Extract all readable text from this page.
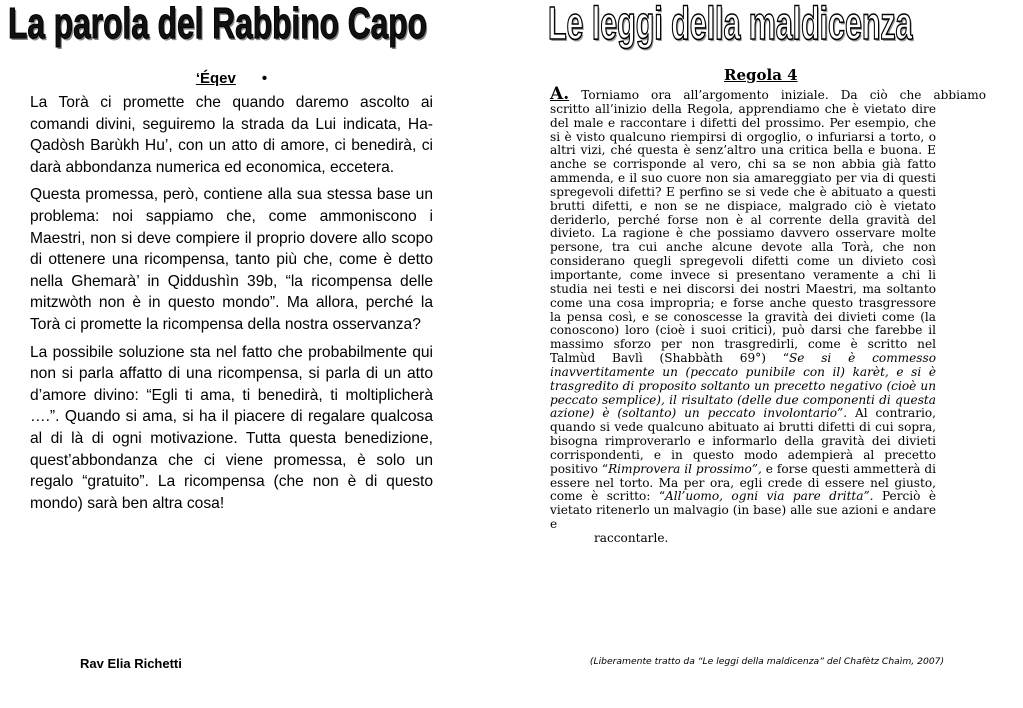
La parola del Rabbino Capo	Le leggi della maldicenza
‘Éqev •

La Torà ci promette che quando daremo ascolto ai comandi divini, seguiremo la strada da Lui indicata, Ha-Qadòsh Barùkh Hu’, con un atto di amore, ci benedirà, ci darà abbondanza numerica ed economica, eccetera.

Questa promessa, però, contiene alla sua stessa base un problema: noi sappiamo che, come ammoniscono i Maestri, non si deve compiere il proprio dovere allo scopo di ottenere una ricompensa, tanto più che, come è detto nella Ghemarà’ in Qiddushìn 39b, “la ricompensa delle mitzwòth non è in questo mondo”. Ma allora, perché la Torà ci promette la ricompensa della nostra osservanza?

La possibile soluzione sta nel fatto che probabilmente qui non si parla affatto di una ricompensa, si parla di un atto d’amore divino: “Egli ti ama, ti benedirà, ti moltiplicherà ….”. Quando si ama, si ha il piacere di regalare qualcosa al di là di ogni motivazione. Tutta questa benedizione, quest’abbondanza che ci viene promessa, è solo un regalo “gratuito”. La ricompensa (che non è di questo mondo) sarà ben altra cosa!

Rav Elia Richetti
Regola 4

A. Torniamo ora all’argomento iniziale. Da ciò che abbiamo
scritto all’inizio della Regola, apprendiamo che è vietato dire del male e raccontare i difetti del prossimo. Per esempio, che si è visto qualcuno riempirsi di orgoglio, o infuriarsi a torto, o altri vizi, ché questa è senz’altro una critica bella e buona. E anche se corrisponde al vero, chi sa se non abbia già fatto ammenda, e il suo cuore non sia amareggiato per via di questi spregevoli difetti? E perfino se si vede che è abituato a questi brutti difetti, e non se ne dispiace, malgrado ciò è vietato deriderlo, perché forse non è al corrente della gravità del divieto. La ragione è che possiamo davvero osservare molte persone, tra cui anche alcune devote alla Torà, che non considerano quegli spregevoli difetti come un divieto così importante, come invece si presentano veramente a chi li studia nei testi e nei discorsi dei nostri Maestri, ma soltanto come una cosa impropria; e forse anche questo trasgressore la pensa così, e se conoscesse la gravità dei divieti come (la conoscono) loro (cioè i suoi critici), può darsi che farebbe il massimo sforzo per non trasgredirli, come è scritto nel Talmùd Bavlì (Shabbàth 69°) “Se si è commesso inavvertitamente un (peccato punibile con il) karèt, e si è trasgredito di proposito soltanto un precetto negativo (cioè un peccato semplice), il risultato (delle due componenti di questa azione) è (soltanto) un peccato involontario”. Al contrario, quando si vede qualcuno abituato ai brutti difetti di cui sopra, bisogna rimproverarlo e informarlo della gravità dei divieti corrispondenti, e in questo modo adempierà al precetto positivo “Rimprovera il prossimo”, e forse questi ammetterà di essere nel torto. Ma per ora, egli crede di essere nel giusto, come è scritto: “All’uomo, ogni via pare dritta”. Perciò è vietato ritenerlo un malvagio (in base) alle sue azioni e andare e
raccontarle.

(Liberamente tratto da “Le leggi della maldicenza” del Chafètz Chaìm, 2007)
